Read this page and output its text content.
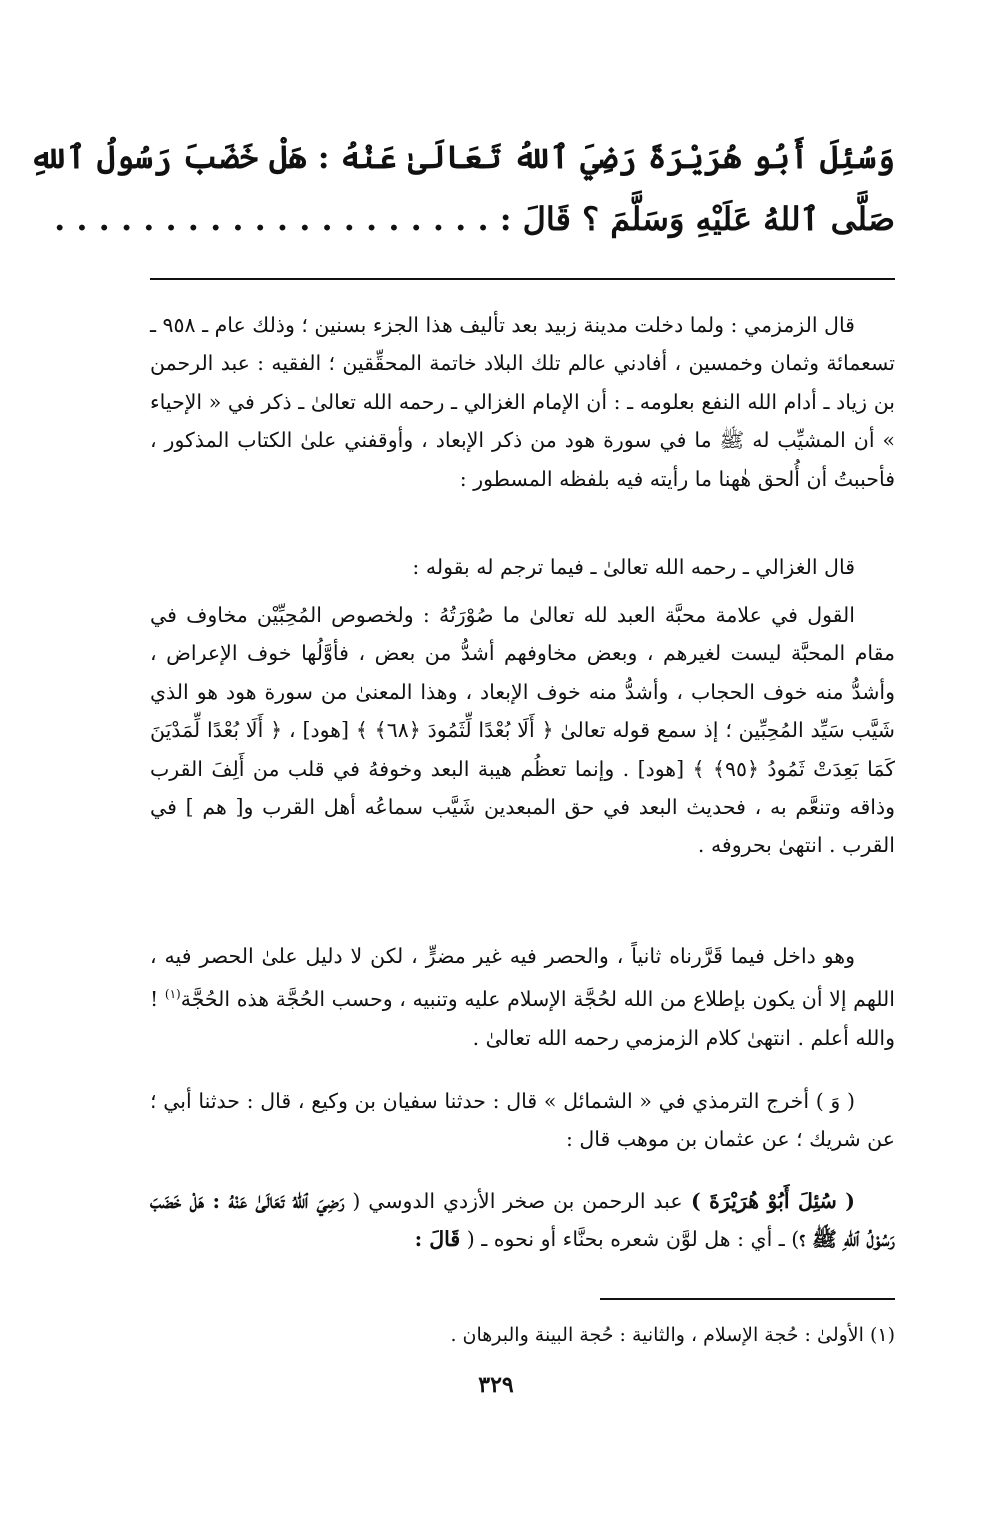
وَسُئِلَ أَبُو هُرَيْرَةَ رَضِيَ ٱللهُ تَعَالَىٰ عَنْهُ : هَلْ خَضَبَ رَسُولُ ٱللهِ
صَلَّى ٱللهُ عَلَيْهِ وَسَلَّمَ ؟ قَالَ : . . . . . . . . . . . . . . . . . . . .

قال الزمزمي : ولما دخلت مدينة زبيد بعد تأليف هذا الجزء بسنين ؛ وذلك عام ـ ٩٥٨ ـ تسعمائة وثمان وخمسين ، أفادني عالم تلك البلاد خاتمة المحقِّقين ؛ الفقيه : عبد الرحمن بن زياد ـ أدام الله النفع بعلومه ـ : أن الإمام الغزالي ـ رحمه الله تعالىٰ ـ ذكر في « الإحياء » أن المشيِّب له ﷺ ما في سورة هود من ذكر الإبعاد ، وأوقفني علىٰ الكتاب المذكور ، فأحببتُ أن أُلحق هٰهنا ما رأيته فيه بلفظه المسطور :

قال الغزالي ـ رحمه الله تعالىٰ ـ فيما ترجم له بقوله :

القول في علامة محبَّة العبد لله تعالىٰ ما صُوْرَتُهُ : ولخصوص المُحِبِّيْن مخاوف في مقام المحبَّة ليست لغيرهم ، وبعض مخاوفهم أشدُّ من بعض ، فأوَّلُها خوف الإعراض ، وأشدُّ منه خوف الحجاب ، وأشدُّ منه خوف الإبعاد ، وهذا المعنىٰ من سورة هود هو الذي شَيَّب سَيِّد المُحِبِّين ؛ إذ سمع قوله تعالىٰ ﴿ أَلَا بُعْدًا لِّثَمُودَ ﴿٦٨﴾ ﴾ [هود] ، ﴿ أَلَا بُعْدًا لِّمَدْيَنَ كَمَا بَعِدَتْ ثَمُودُ ﴿٩٥﴾ ﴾ [هود] . وإنما تعظُم هيبة البعد وخوفهُ في قلب من أَلِفَ القرب وذاقه وتنعَّم به ، فحديث البعد في حق المبعدين شَيَّب سماعُه أهل القرب و[ هم ] في القرب . انتهىٰ بحروفه .

وهو داخل فيما قَرَّرناه ثانياً ، والحصر فيه غير مضرٍّ ، لكن لا دليل علىٰ الحصر فيه ، اللهم إلا أن يكون بإطلاع من الله لحُجَّة الإسلام عليه وتنبيه ، وحسب الحُجَّة هذه الحُجَّة$^{(١)}$ ! والله أعلم . انتهىٰ كلام الزمزمي رحمه الله تعالىٰ .

( وَ ) أخرج الترمذي في « الشمائل » قال : حدثنا سفيان بن وكيع ، قال : حدثنا أبي ؛ عن شريك ؛ عن عثمان بن موهب قال :

( سُئِلَ أَبُوْ هُرَيْرَةَ ) عبد الرحمن بن صخر الأزدي الدوسي ( رَضِيَ ٱللهُ تَعَالَىٰ عَنْهُ : هَلْ خَضَبَ رَسُوْلُ ٱللهِ ﷺ ؟) ـ أي : هل لوَّن شعره بحنَّاء أو نحوه ـ ( قَالَ :

(١) الأولىٰ : حُجة الإسلام ، والثانية : حُجة البينة والبرهان .
٣٢٩
